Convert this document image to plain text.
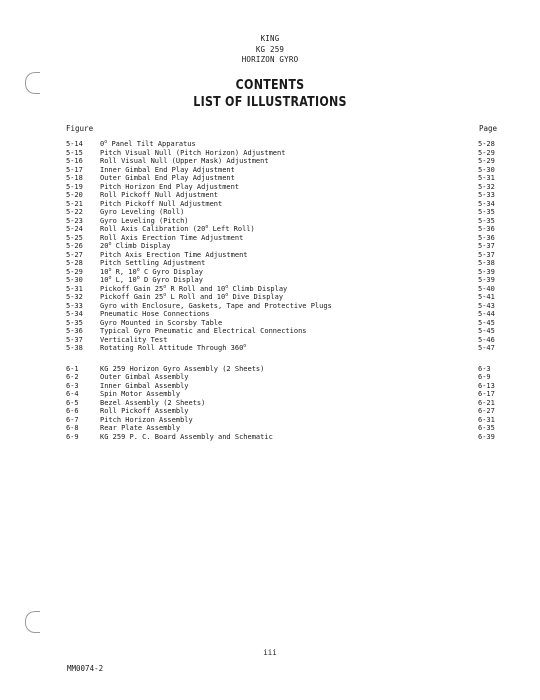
KING
KG 259
HORIZON GYRO
CONTENTS
LIST OF ILLUSTRATIONS
Figure	Page
5-14 0$^o$ Panel Tilt Apparatus	5-28
5-15 Pitch Visual Null (Pitch Horizon) Adjustment	5-29
5-16 Roll Visual Null (Upper Mask) Adjustment	5-29
5-17 Inner Gimbal End Play Adjustment	5-30
5-18 Outer Gimbal End Play Adjustment	5-31
5-19 Pitch Horizon End Play Adjustment	5-32
5-20 Roll Pickoff Null Adjustment	5-33
5-21 Pitch Pickoff Null Adjustment	5-34
5-22 Gyro Leveling (Roll)	5-35
5-23 Gyro Leveling (Pitch)	5-35
5-24 Roll Axis Calibration (20$^o$ Left Roll)	5-36
5-25 Roll Axis Erection Time Adjustment	5-36
5-26 20$^o$ Climb Display	5-37
5-27 Pitch Axis Erection Time Adjustment	5-37
5-28 Pitch Settling Adjustment	5-38
5-29 10$^o$ R, 10$^o$ C Gyro Display	5-39
5-30 10$^o$ L, 10$^o$ D Gyro Display	5-39
5-31 Pickoff Gain 25$^o$ R Roll and 10$^o$ Climb Display	5-40
5-32 Pickoff Gain 25$^o$ L Roll and 10$^o$ Dive Display	5-41
5-33 Gyro with Enclosure, Gaskets, Tape and Protective Plugs	5-43
5-34 Pneumatic Hose Connections	5-44
5-35 Gyro Mounted in Scorsby Table	5-45
5-36 Typical Gyro Pneumatic and Electrical Connections	5-45
5-37 Verticality Test	5-46
5-38 Rotating Roll Attitude Through 360$^o$	5-47
6-1	KG 259 Horizon Gyro Assembly (2 Sheets)	6-3
6-2	Outer Gimbal Assembly	6-9
6-3	Inner Gimbal Assembly	6-13
6-4	Spin Motor Assembly	6-17
6-5	Bezel Assembly (2 Sheets)	6-21
6-6	Roll Pickoff Assembly	6-27
6-7	Pitch Horizon Assembly	6-31
6-8	Rear Plate Assembly	6-35
6-9	KG 259 P. C. Board Assembly and Schematic	6-39
iii
MM0074-2
